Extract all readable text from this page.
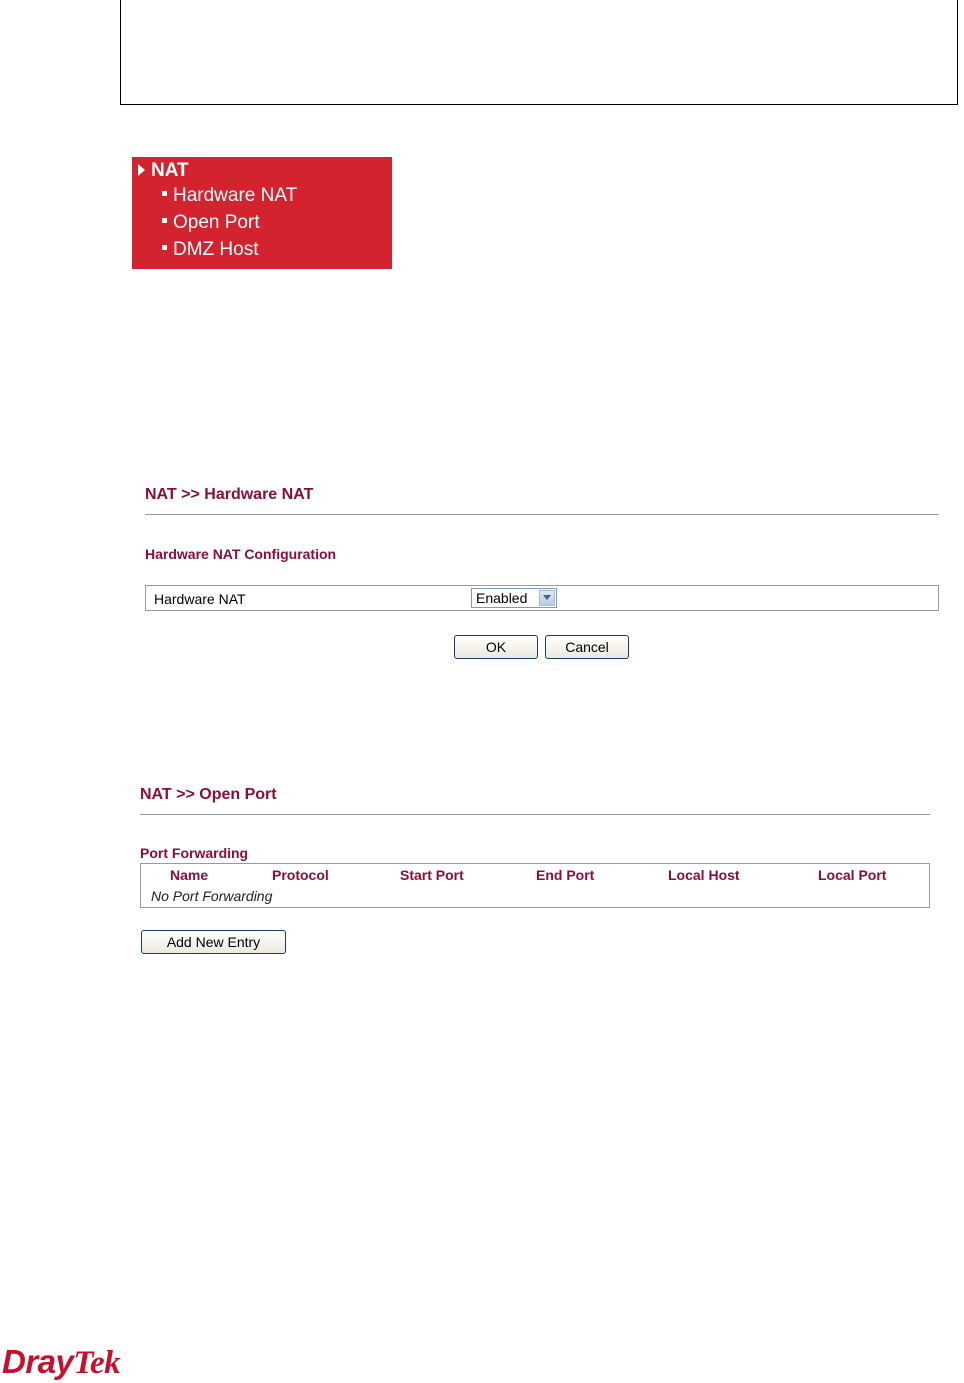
NAT
Hardware NAT
Open Port
DMZ Host
NAT >> Hardware NAT
Hardware NAT Configuration
Hardware NAT	Enabled
OK	Cancel
NAT >> Open Port
Port Forwarding
Name	Protocol	Start Port	End Port	Local Host	Local Port
No Port Forwarding
Add New Entry
DrayTek
